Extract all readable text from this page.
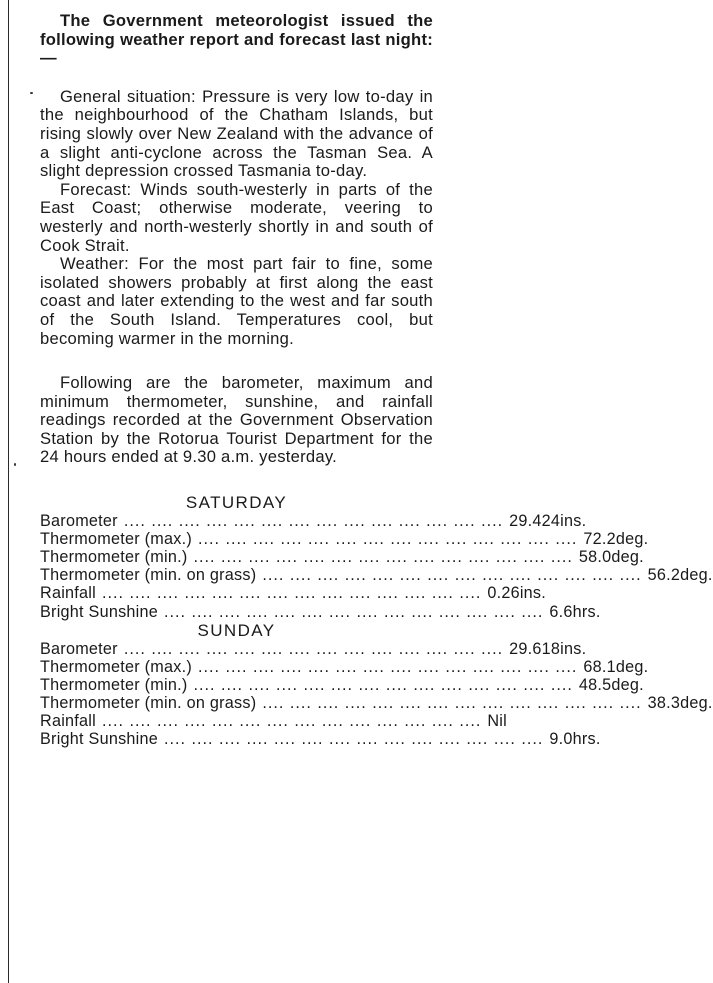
The Government meteorologist issued the following weather report and forecast last night:—

General situation: Pressure is very low to-day in the neighbourhood of the Chatham Islands, but rising slowly over New Zealand with the advance of a slight anti-cyclone across the Tasman Sea. A slight depression crossed Tasmania to-day.

Forecast: Winds south-westerly in parts of the East Coast; otherwise moderate, veering to westerly and north-westerly shortly in and south of Cook Strait.

Weather: For the most part fair to fine, some isolated showers probably at first along the east coast and later extending to the west and far south of the South Island. Temperatures cool, but becoming warmer in the morning.

Following are the barometer, maximum and minimum thermometer, sunshine, and rainfall readings recorded at the Government Observation Station by the Rotorua Tourist Department for the 24 hours ended at 9.30 a.m. yesterday.

SATURDAY

Barometer .... .... .... .... .... .... .... .... .... .... .... .... .... .... 29.424ins.
Thermometer (max.) .... .... .... .... .... .... .... .... .... .... .... .... .... .... 72.2deg.
Thermometer (min.) .... .... .... .... .... .... .... .... .... .... .... .... .... .... 58.0deg.
Thermometer (min. on grass) .... .... .... .... .... .... .... .... .... .... .... .... .... .... 56.2deg.
Rainfall .... .... .... .... .... .... .... .... .... .... .... .... .... .... 0.26ins.
Bright Sunshine .... .... .... .... .... .... .... .... .... .... .... .... .... .... 6.6hrs.

SUNDAY

Barometer .... .... .... .... .... .... .... .... .... .... .... .... .... .... 29.618ins.
Thermometer (max.) .... .... .... .... .... .... .... .... .... .... .... .... .... .... 68.1deg.
Thermometer (min.) .... .... .... .... .... .... .... .... .... .... .... .... .... .... 48.5deg.
Thermometer (min. on grass) .... .... .... .... .... .... .... .... .... .... .... .... .... .... 38.3deg.
Rainfall .... .... .... .... .... .... .... .... .... .... .... .... .... .... Nil
Bright Sunshine .... .... .... .... .... .... .... .... .... .... .... .... .... .... 9.0hrs.
